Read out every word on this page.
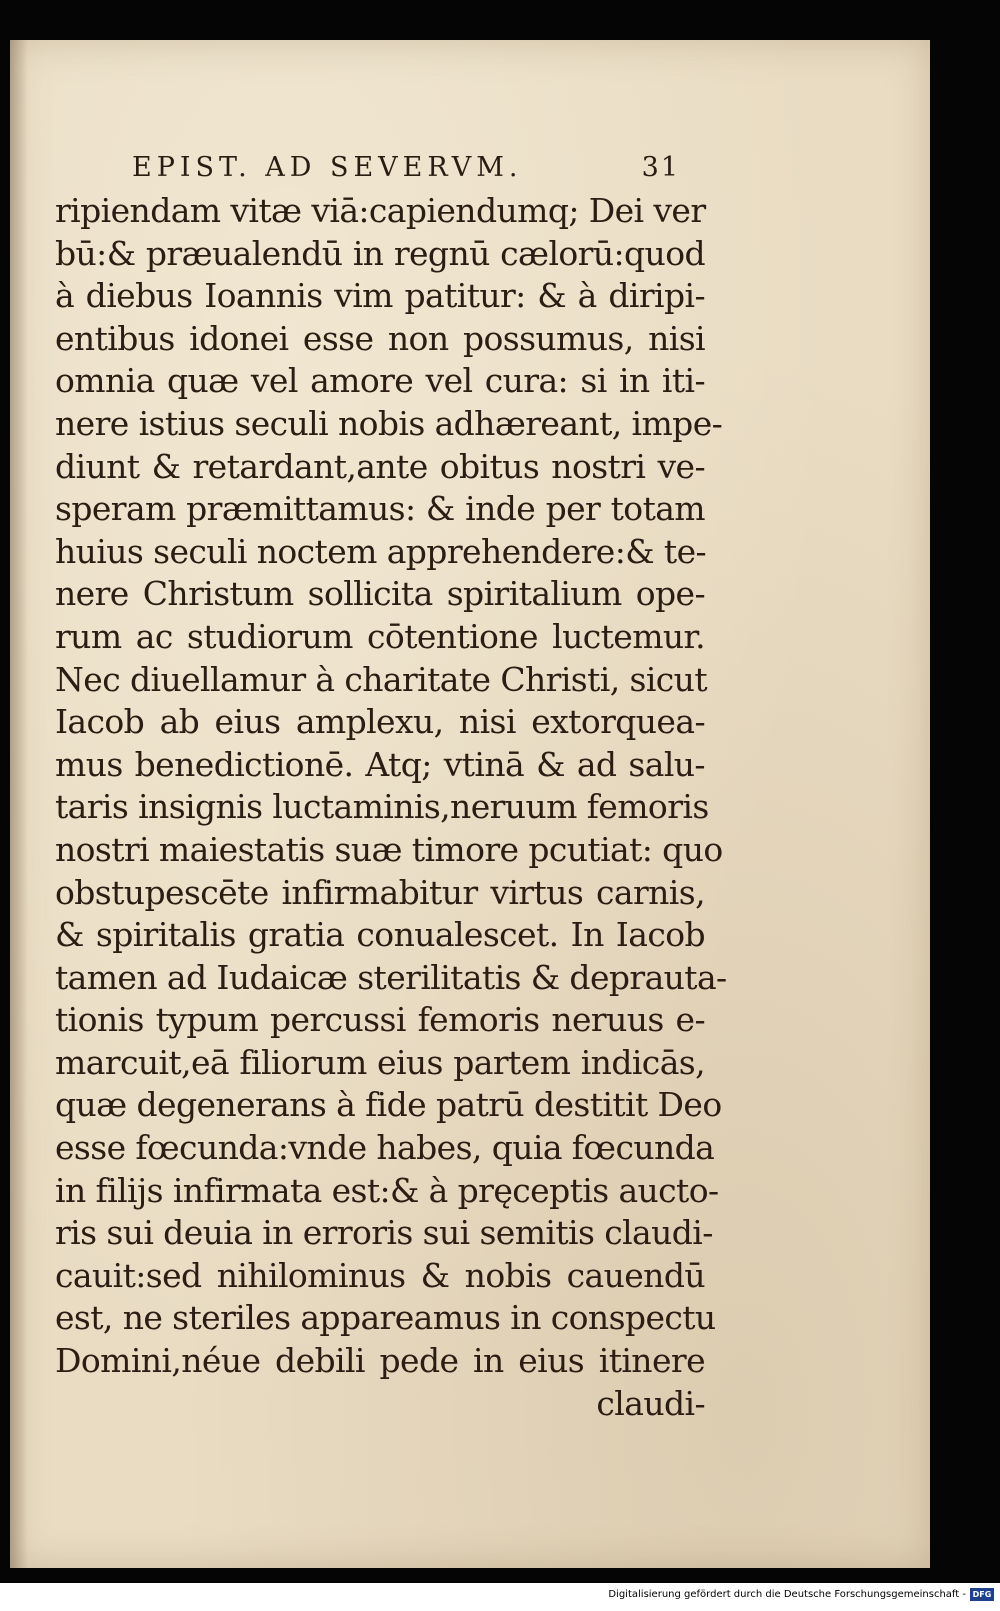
EPIST. AD SEVERVM.	31
ripiendam vitæ viā:capiendumq; Dei ver
bū:& præualendū in regnū cælorū:quod
à diebus Ioannis vim patitur: & à diripi-
entibus idonei esse non possumus, nisi
omnia quæ vel amore vel cura: si in iti-
nere istius seculi nobis adhæreant, impe-
diunt & retardant,ante obitus nostri ve-
speram præmittamus: & inde per totam
huius seculi noctem apprehendere:& te-
nere Christum sollicita spiritalium ope-
rum ac studiorum cōtentione luctemur.
Nec diuellamur à charitate Christi, sicut
Iacob ab eius amplexu, nisi extorquea-
mus benedictionē. Atq; vtinā & ad salu-
taris insignis luctaminis,neruum femoris
nostri maiestatis suæ timore pcutiat: quo
obstupescēte infirmabitur virtus carnis,
& spiritalis gratia conualescet. In Iacob
tamen ad Iudaicæ sterilitatis & deprauta-
tionis typum percussi femoris neruus e-
marcuit,eā filiorum eius partem indicās,
quæ degenerans à fide patrū destitit Deo
esse fœcunda:vnde habes, quia fœcunda
in filijs infirmata est:& à pręceptis aucto-
ris sui deuia in erroris sui semitis claudi-
cauit:sed nihilominus & nobis cauendū
est, ne steriles appareamus in conspectu
Domini,néue debili pede in eius itinere
claudi-
Digitalisierung gefördert durch die Deutsche Forschungsgemeinschaft - DFG
